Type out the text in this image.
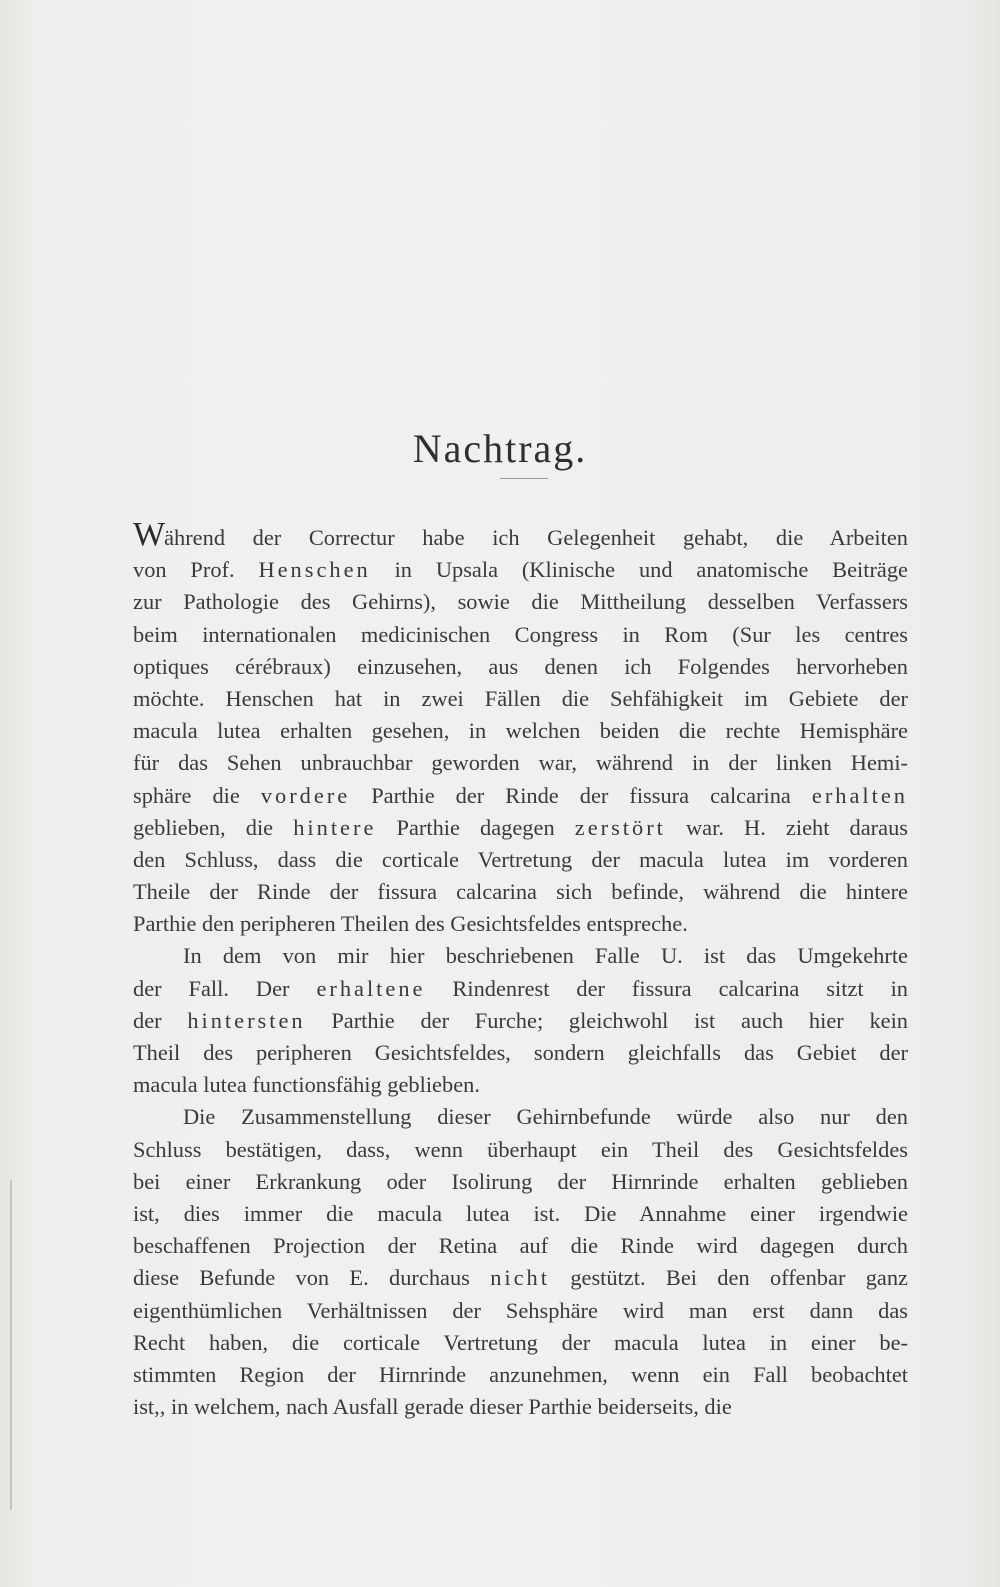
Nachtrag.
Während der Correctur habe ich Gelegenheit gehabt, die Arbeiten
von Prof. Henschen in Upsala (Klinische und anatomische Beiträge
zur Pathologie des Gehirns), sowie die Mittheilung desselben Verfassers
beim internationalen medicinischen Congress in Rom (Sur les centres
optiques cérébraux) einzusehen, aus denen ich Folgendes hervorheben
möchte. Henschen hat in zwei Fällen die Sehfähigkeit im Gebiete der
macula lutea erhalten gesehen, in welchen beiden die rechte Hemisphäre
für das Sehen unbrauchbar geworden war, während in der linken Hemi-
sphäre die vordere Parthie der Rinde der fissura calcarina erhalten
geblieben, die hintere Parthie dagegen zerstört war. H. zieht daraus
den Schluss, dass die corticale Vertretung der macula lutea im vorderen
Theile der Rinde der fissura calcarina sich befinde, während die hintere
Parthie den peripheren Theilen des Gesichtsfeldes entspreche.
In dem von mir hier beschriebenen Falle U. ist das Umgekehrte
der Fall. Der erhaltene Rindenrest der fissura calcarina sitzt in
der hintersten Parthie der Furche; gleichwohl ist auch hier kein
Theil des peripheren Gesichtsfeldes, sondern gleichfalls das Gebiet der
macula lutea functionsfähig geblieben.
Die Zusammenstellung dieser Gehirnbefunde würde also nur den
Schluss bestätigen, dass, wenn überhaupt ein Theil des Gesichtsfeldes
bei einer Erkrankung oder Isolirung der Hirnrinde erhalten geblieben
ist, dies immer die macula lutea ist. Die Annahme einer irgendwie
beschaffenen Projection der Retina auf die Rinde wird dagegen durch
diese Befunde von E. durchaus nicht gestützt. Bei den offenbar ganz
eigenthümlichen Verhältnissen der Sehsphäre wird man erst dann das
Recht haben, die corticale Vertretung der macula lutea in einer be-
stimmten Region der Hirnrinde anzunehmen, wenn ein Fall beobachtet
ist,, in welchem, nach Ausfall gerade dieser Parthie beiderseits, die
